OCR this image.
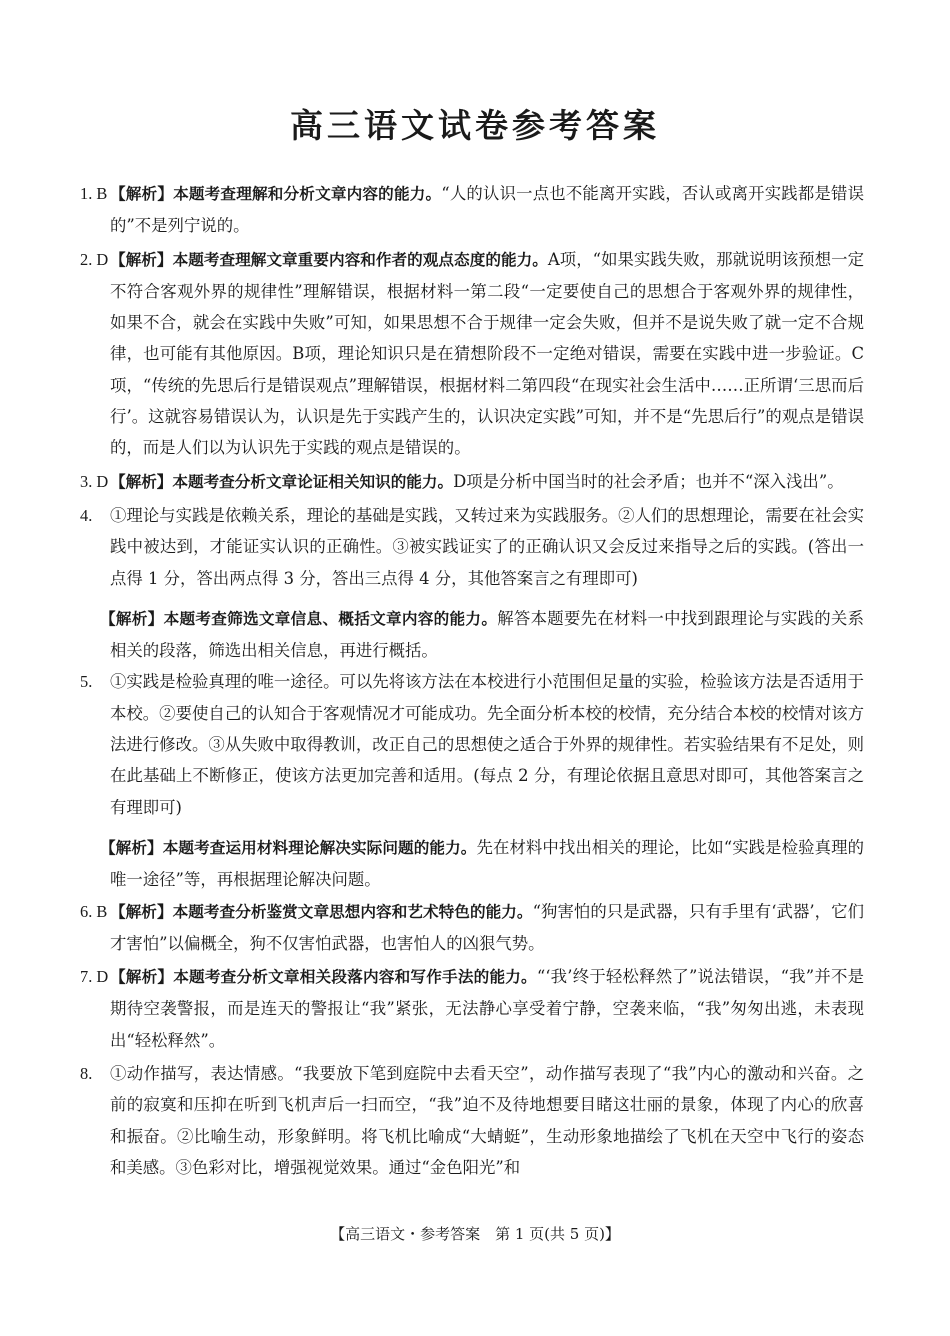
高三语文试卷参考答案
1. B 【解析】本题考查理解和分析文章内容的能力。“人的认识一点也不能离开实践，否认或离开实践都是错误的”不是列宁说的。
2. D 【解析】本题考查理解文章重要内容和作者的观点态度的能力。A项，“如果实践失败，那就说明该预想一定不符合客观外界的规律性”理解错误，根据材料一第二段“一定要使自己的思想合于客观外界的规律性，如果不合，就会在实践中失败”可知，如果思想不合于规律一定会失败，但并不是说失败了就一定不合规律，也可能有其他原因。B项，理论知识只是在猜想阶段不一定绝对错误，需要在实践中进一步验证。C项，“传统的先思后行是错误观点”理解错误，根据材料二第四段“在现实社会生活中……正所谓‘三思而后行’。这就容易错误认为，认识是先于实践产生的，认识决定实践”可知，并不是“先思后行”的观点是错误的，而是人们以为认识先于实践的观点是错误的。
3. D 【解析】本题考查分析文章论证相关知识的能力。D项是分析中国当时的社会矛盾；也并不“深入浅出”。
4. ①理论与实践是依赖关系，理论的基础是实践，又转过来为实践服务。②人们的思想理论，需要在社会实践中被达到，才能证实认识的正确性。③被实践证实了的正确认识又会反过来指导之后的实践。(答出一点得 1 分，答出两点得 3 分，答出三点得 4 分，其他答案言之有理即可)
【解析】本题考查筛选文章信息、概括文章内容的能力。解答本题要先在材料一中找到跟理论与实践的关系相关的段落，筛选出相关信息，再进行概括。
5. ①实践是检验真理的唯一途径。可以先将该方法在本校进行小范围但足量的实验，检验该方法是否适用于本校。②要使自己的认知合于客观情况才可能成功。先全面分析本校的校情，充分结合本校的校情对该方法进行修改。③从失败中取得教训，改正自己的思想使之适合于外界的规律性。若实验结果有不足处，则在此基础上不断修正，使该方法更加完善和适用。(每点 2 分，有理论依据且意思对即可，其他答案言之有理即可)
【解析】本题考查运用材料理论解决实际问题的能力。先在材料中找出相关的理论，比如“实践是检验真理的唯一途径”等，再根据理论解决问题。
6. B 【解析】本题考查分析鉴赏文章思想内容和艺术特色的能力。“狗害怕的只是武器，只有手里有‘武器’，它们才害怕”以偏概全，狗不仅害怕武器，也害怕人的凶狠气势。
7. D 【解析】本题考查分析文章相关段落内容和写作手法的能力。“‘我’终于轻松释然了”说法错误，“我”并不是期待空袭警报，而是连天的警报让“我”紧张，无法静心享受着宁静，空袭来临，“我”匆匆出逃，未表现出“轻松释然”。
8. ①动作描写，表达情感。“我要放下笔到庭院中去看天空”，动作描写表现了“我”内心的激动和兴奋。之前的寂寞和压抑在听到飞机声后一扫而空，“我”迫不及待地想要目睹这壮丽的景象，体现了内心的欣喜和振奋。②比喻生动，形象鲜明。将飞机比喻成“大蜻蜓”，生动形象地描绘了飞机在天空中飞行的姿态和美感。③色彩对比，增强视觉效果。通过“金色阳光”和
【高三语文・参考答案　第 1 页(共 5 页)】
